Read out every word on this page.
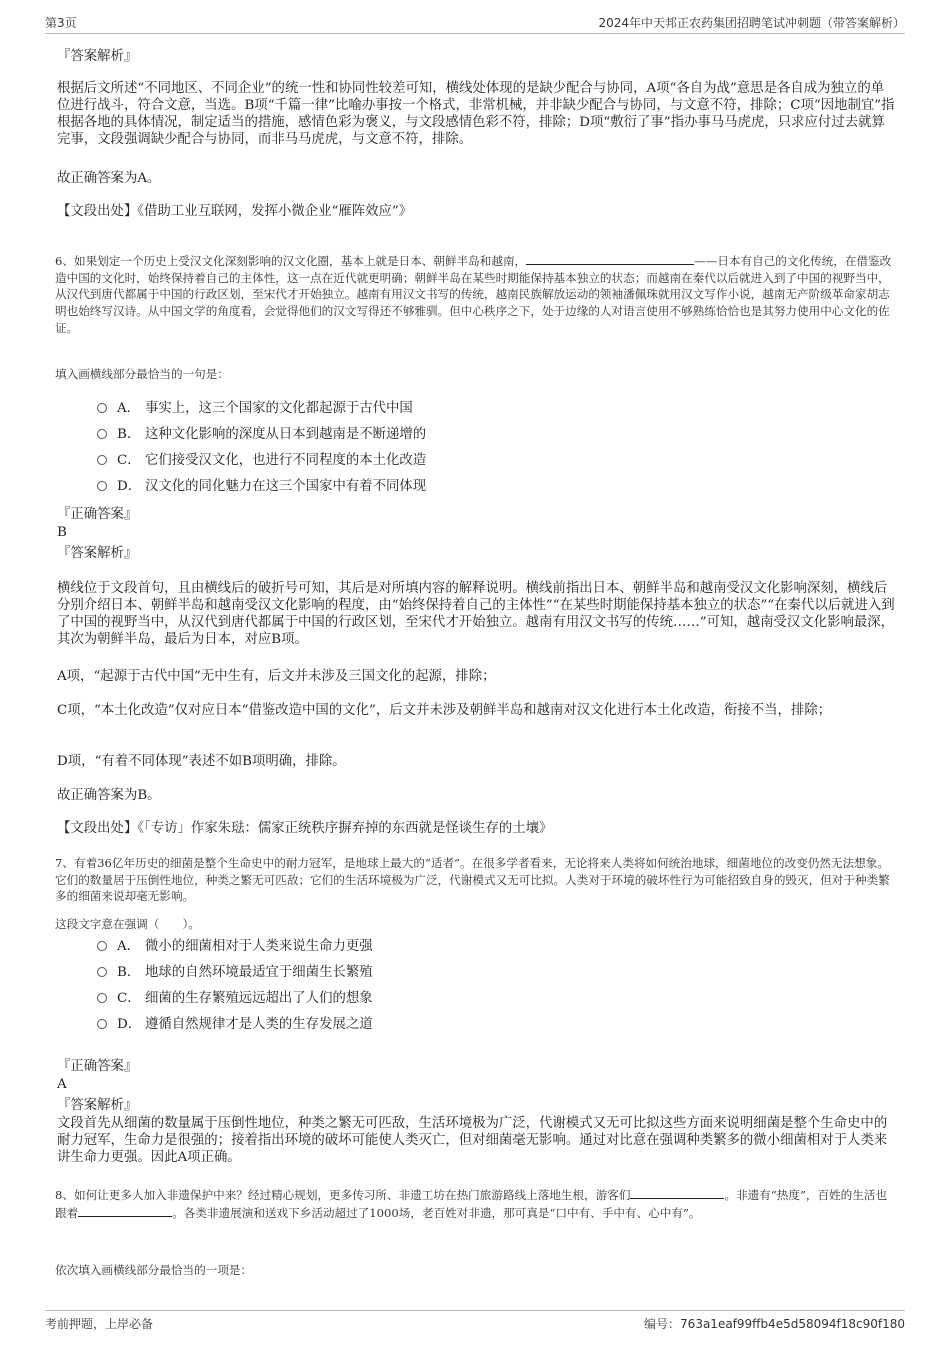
第3页	2024年中天邦正农药集团招聘笔试冲刺题（带答案解析）
『答案解析』
根据后文所述“不同地区、不同企业”的统一性和协同性较差可知，横线处体现的是缺少配合与协同，A项“各自为战”意思是各自成为独立的单位进行战斗，符合文意，当选。B项“千篇一律”比喻办事按一个格式，非常机械，并非缺少配合与协同，与文意不符，排除；C项“因地制宜”指根据各地的具体情况，制定适当的措施，感情色彩为褒义，与文段感情色彩不符，排除；D项“敷衍了事”指办事马马虎虎，只求应付过去就算完事，文段强调缺少配合与协同，而非马马虎虎，与文意不符，排除。
故正确答案为A。
【文段出处】《借助工业互联网，发挥小微企业“雁阵效应”》
6、如果划定一个历史上受汉文化深刻影响的汉文化圈，基本上就是日本、朝鲜半岛和越南，	——日本有自己的文化传统，在借鉴改造中国的文化时，始终保持着自己的主体性，这一点在近代就更明确；朝鲜半岛在某些时期能保持基本独立的状态；而越南在秦代以后就进入到了中国的视野当中，从汉代到唐代都属于中国的行政区划，至宋代才开始独立。越南有用汉文书写的传统，越南民族解放运动的领袖潘佩珠就用汉文写作小说，越南无产阶级革命家胡志明也始终写汉诗。从中国文学的角度看，会觉得他们的汉文写得还不够雅驯。但中心秩序之下，处于边缘的人对语言使用不够熟练恰恰也是其努力使用中心文化的佐证。
填入画横线部分最恰当的一句是：
A． 事实上，这三个国家的文化都起源于古代中国
B． 这种文化影响的深度从日本到越南是不断递增的
C． 它们接受汉文化，也进行不同程度的本土化改造
D． 汉文化的同化魅力在这三个国家中有着不同体现
『正确答案』
B
『答案解析』
横线位于文段首句，且由横线后的破折号可知，其后是对所填内容的解释说明。横线前指出日本、朝鲜半岛和越南受汉文化影响深刻，横线后分别介绍日本、朝鲜半岛和越南受汉文化影响的程度，由“始终保持着自己的主体性”“在某些时期能保持基本独立的状态”“在秦代以后就进入到了中国的视野当中，从汉代到唐代都属于中国的行政区划，至宋代才开始独立。越南有用汉文书写的传统……”可知，越南受汉文化影响最深，其次为朝鲜半岛，最后为日本，对应B项。
A项，“起源于古代中国”无中生有，后文并未涉及三国文化的起源，排除；
C项，“本土化改造”仅对应日本“借鉴改造中国的文化”，后文并未涉及朝鲜半岛和越南对汉文化进行本土化改造，衔接不当，排除；
D项，“有着不同体现”表述不如B项明确，排除。
故正确答案为B。
【文段出处】《「专访」作家朱琺：儒家正统秩序摒弃掉的东西就是怪谈生存的土壤》
7、有着36亿年历史的细菌是整个生命史中的耐力冠军，是地球上最大的“适者”。在很多学者看来，无论将来人类将如何统治地球，细菌地位的改变仍然无法想象。它们的数量居于压倒性地位，种类之繁无可匹敌；它们的生活环境极为广泛，代谢模式又无可比拟。人类对于环境的破坏性行为可能招致自身的毁灭，但对于种类繁多的细菌来说却毫无影响。
这段文字意在强调（　　）。
A． 微小的细菌相对于人类来说生命力更强
B． 地球的自然环境最适宜于细菌生长繁殖
C． 细菌的生存繁殖远远超出了人们的想象
D． 遵循自然规律才是人类的生存发展之道
『正确答案』
A
『答案解析』
文段首先从细菌的数量属于压倒性地位，种类之繁无可匹敌，生活环境极为广泛，代谢模式又无可比拟这些方面来说明细菌是整个生命史中的耐力冠军，生命力是很强的；接着指出环境的破坏可能使人类灭亡，但对细菌毫无影响。通过对比意在强调种类繁多的微小细菌相对于人类来讲生命力更强。因此A项正确。
8、如何让更多人加入非遗保护中来？经过精心规划，更多传习所、非遗工坊在热门旅游路线上落地生根，游客们	。非遗有“热度”，百姓的生活也跟着	。各类非遗展演和送戏下乡活动超过了1000场，老百姓对非遗，那可真是“口中有、手中有、心中有”。
依次填入画横线部分最恰当的一项是：
考前押题，上岸必备	编号：763a1eaf99ffb4e5d58094f18c90f180
